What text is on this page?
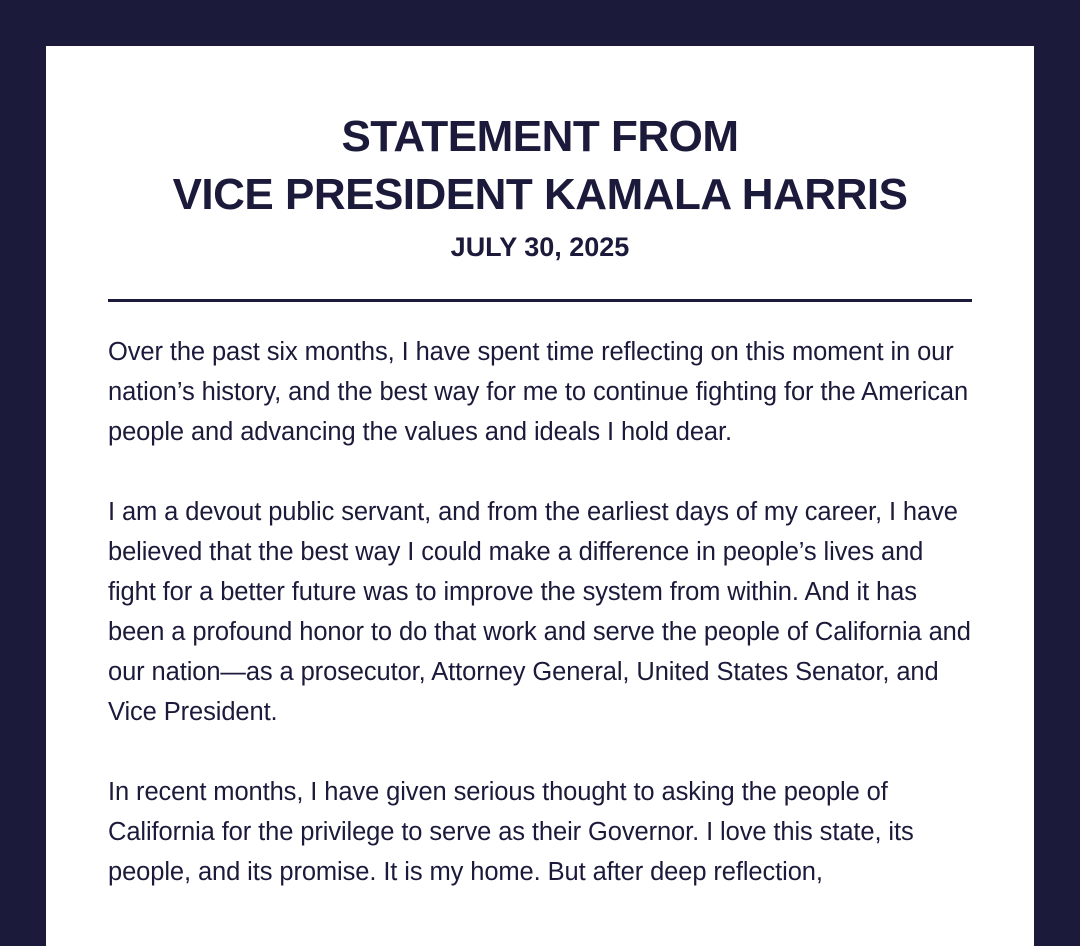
STATEMENT FROM
VICE PRESIDENT KAMALA HARRIS
JULY 30, 2025

Over the past six months, I have spent time reflecting on this moment in our nation’s history, and the best way for me to continue fighting for the American people and advancing the values and ideals I hold dear.

I am a devout public servant, and from the earliest days of my career, I have believed that the best way I could make a difference in people’s lives and fight for a better future was to improve the system from within. And it has been a profound honor to do that work and serve the people of California and our nation—as a prosecutor, Attorney General, United States Senator, and Vice President.

In recent months, I have given serious thought to asking the people of California for the privilege to serve as their Governor. I love this state, its people, and its promise. It is my home. But after deep reflection,
